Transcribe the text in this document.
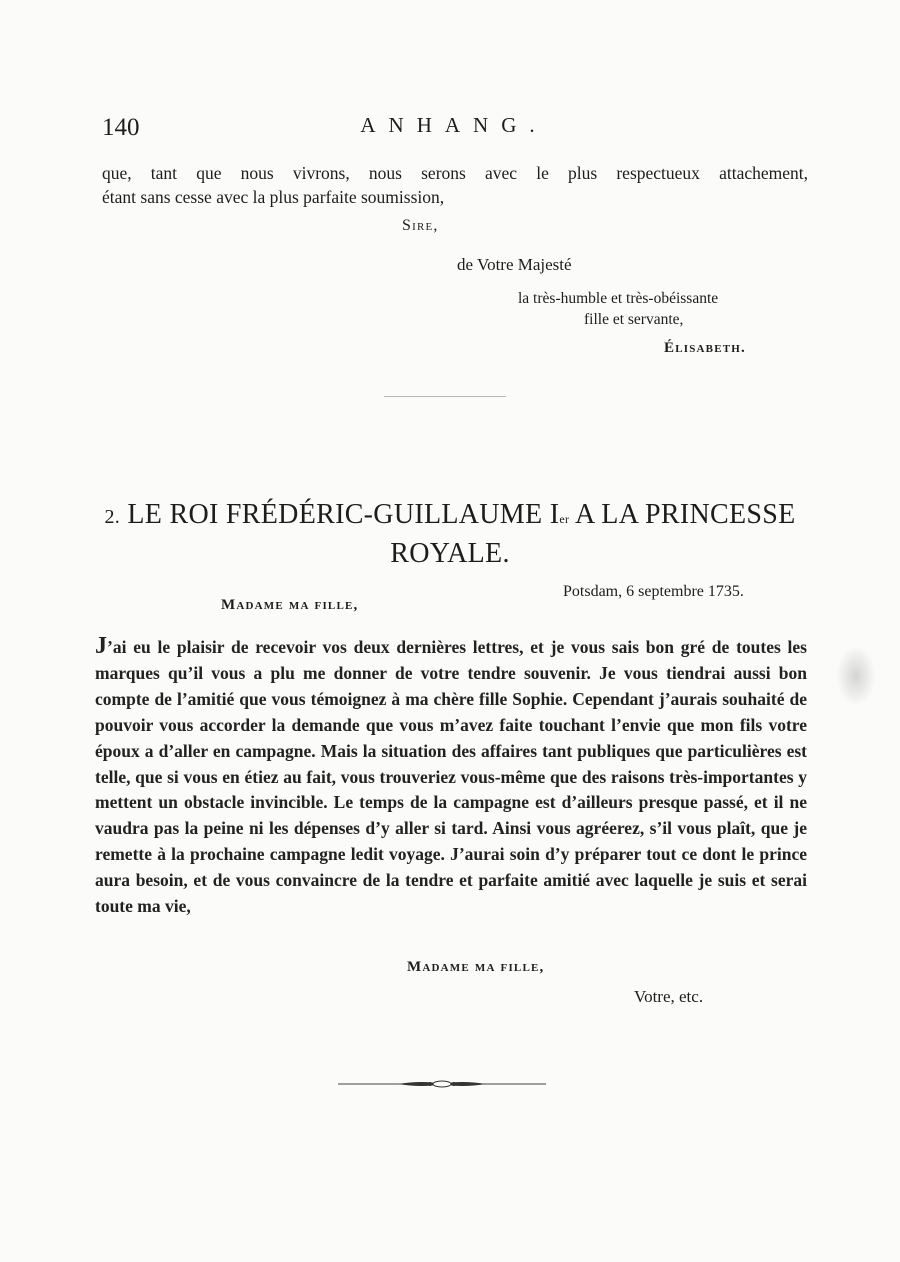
140	ANHANG.
que, tant que nous vivrons, nous serons avec le plus respectueux attachement,
étant sans cesse avec la plus parfaite soumission,
Sire,
de Votre Majesté
la très-humble et très-obéissante
fille et servante,
Élisabeth.
2. LE ROI FRÉDÉRIC-GUILLAUME Ier A LA PRINCESSE
ROYALE.
Potsdam, 6 septembre 1735.
Madame ma fille,
J’ai eu le plaisir de recevoir vos deux dernières lettres, et je vous sais bon gré de toutes les marques qu’il vous a plu me donner de votre tendre souvenir. Je vous tiendrai aussi bon compte de l’amitié que vous témoignez à ma chère fille Sophie. Cependant j’aurais souhaité de pouvoir vous accorder la demande que vous m’avez faite touchant l’envie que mon fils votre époux a d’aller en campagne. Mais la situation des affaires tant publiques que particulières est telle, que si vous en étiez au fait, vous trouveriez vous-même que des raisons très-importantes y mettent un obstacle invincible. Le temps de la campagne est d’ailleurs presque passé, et il ne vaudra pas la peine ni les dépenses d’y aller si tard. Ainsi vous agréerez, s’il vous plaît, que je remette à la prochaine campagne ledit voyage. J’aurai soin d’y préparer tout ce dont le prince aura besoin, et de vous convaincre de la tendre et parfaite amitié avec laquelle je suis et serai toute ma vie,
Madame ma fille,
Votre, etc.
